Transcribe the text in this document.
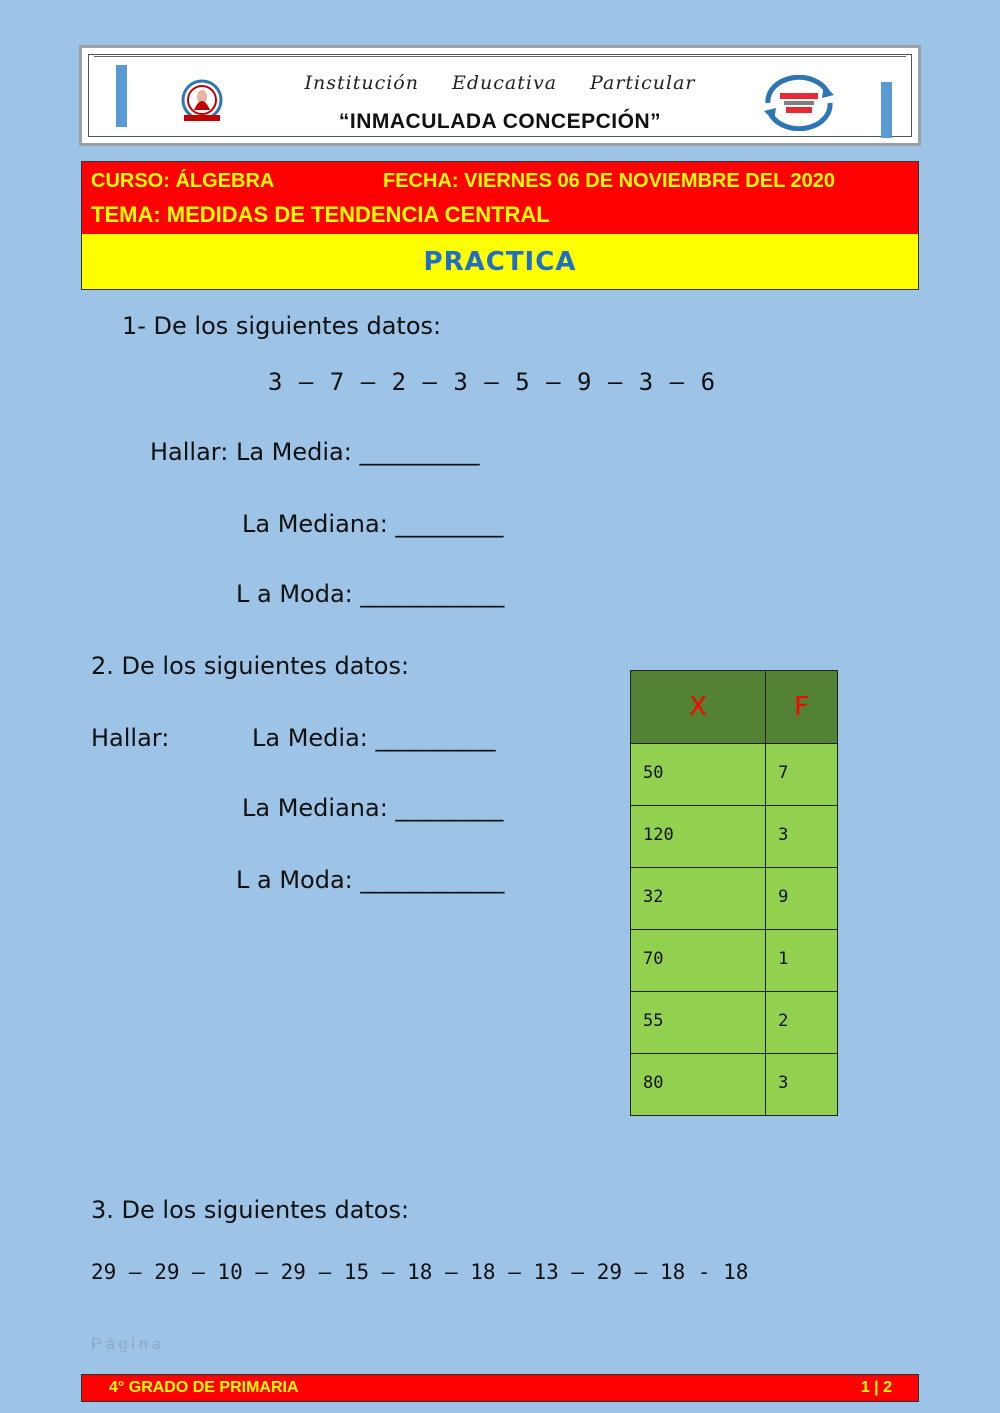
Institución Educativa Particular
“INMACULADA CONCEPCIÓN”
CURSO: ÁLGEBRA	FECHA: VIERNES 06 DE NOVIEMBRE DEL 2020
TEMA: MEDIDAS DE TENDENCIA CENTRAL
PRACTICA
1- De los siguientes datos:
3 – 7 – 2 – 3 – 5 – 9 – 3 – 6
Hallar: La Media: __________
La Mediana: _________
L a Moda: ____________
2. De los siguientes datos:
Hallar:	La Media: __________
La Mediana: _________
L a Moda: ____________
X	F
50	7
120	3
32	9
70	1
55	2
80	3
3. De los siguientes datos:
29 – 29 – 10 – 29 – 15 – 18 – 18 – 13 – 29 – 18 - 18
Página
4° GRADO DE PRIMARIA	1 | 2
